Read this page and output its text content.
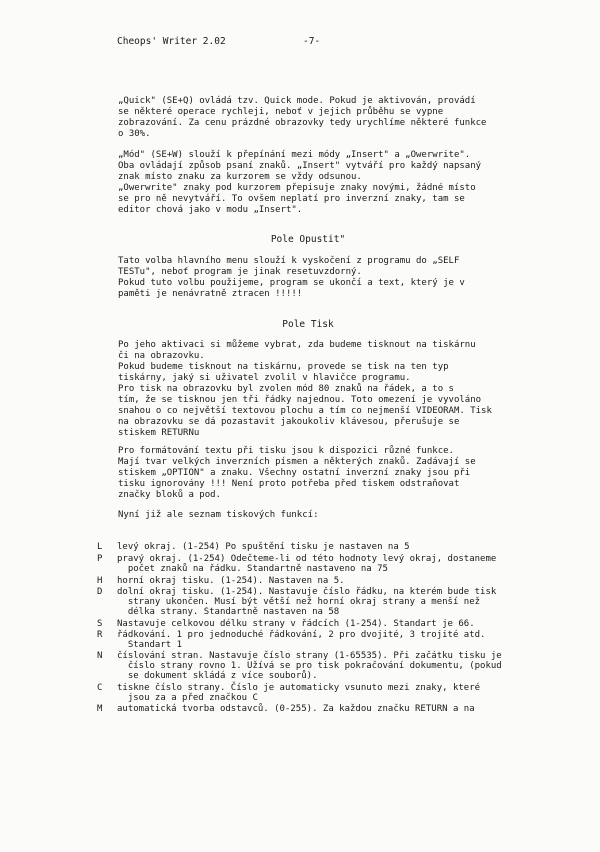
Cheops' Writer 2.02	-7-

„Quick" (SE+Q) ovládá tzv. Quick mode. Pokud je aktivován, provádí
se některé operace rychleji, neboť v jejich průběhu se vypne
zobrazování. Za cenu prázdné obrazovky tedy urychlíme některé funkce
o 30%.

„Mód" (SE+W) slouží k přepínání mezi módy „Insert" a „Owerwrite".
Oba ovládají způsob psaní znaků. „Insert" vytváří pro každý napsaný
znak místo znaku za kurzorem se vždy odsunou.

„Owerwrite" znaky pod kurzorem přepisuje znaky novými, žádné místo
se pro ně nevytváří. To ovšem neplatí pro inverzní znaky, tam se
editor chová jako v modu „Insert".

Pole Opustit"

Tato volba hlavního menu slouží k vyskočení z programu do „SELF
TESTu", neboť program je jinak resetuvzdorný.

Pokud tuto volbu použijeme, program se ukončí a text, který je v
paměti je nenávratně ztracen !!!!!

Pole Tisk

Po jeho aktivaci si můžeme vybrat, zda budeme tisknout na tiskárnu
či na obrazovku.

Pokud budeme tisknout na tiskárnu, provede se tisk na ten typ
tiskárny, jaký si uživatel zvolil v hlavičce programu.

Pro tisk na obrazovku byl zvolen mód 80 znaků na řádek, a to s
tím, že se tisknou jen tři řádky najednou. Toto omezení je vyvoláno
snahou o co největší textovou plochu a tím co nejmenší VIDEORAM. Tisk
na obrazovku se dá pozastavit jakoukoliv klávesou, přerušuje se
stiskem RETURNu

Pro formátování textu při tisku jsou k dispozici různé funkce.
Mají tvar velkých inverzních písmen a některých znaků. Zadávají se
stiskem „OPTION" a znaku. Všechny ostatní inverzní znaky jsou při
tisku ignorovány !!! Není proto potřeba před tiskem odstraňovat
značky bloků a pod.

Nyní již ale seznam tiskových funkcí:

L	levý okraj. (1-254) Po spuštění tisku je nastaven na 5
P	pravý okraj. (1-254) Odečteme-li od této hodnoty levý okraj, dostaneme
počet znaků na řádku. Standartně nastaveno na 75
H	horní okraj tisku. (1-254). Nastaven na 5.
D	dolní okraj tisku. (1-254). Nastavuje číslo řádku, na kterém bude tisk
strany ukončen. Musí být větší než horní okraj strany a menší než
délka strany. Standartně nastaven na 58
S	Nastavuje celkovou délku strany v řádcích (1-254). Standart je 66.
R	řádkování. 1 pro jednoduché řádkování, 2 pro dvojité, 3 trojité atd.
Standart 1
N	číslování stran. Nastavuje číslo strany (1-65535). Při začátku tisku je
číslo strany rovno 1. Užívá se pro tisk pokračování dokumentu, (pokud
se dokument skládá z více souborů).
C	tiskne číslo strany. Číslo je automaticky vsunuto mezi znaky, které
jsou za a před značkou C
M	automatická tvorba odstavců. (0-255). Za každou značku RETURN a na
